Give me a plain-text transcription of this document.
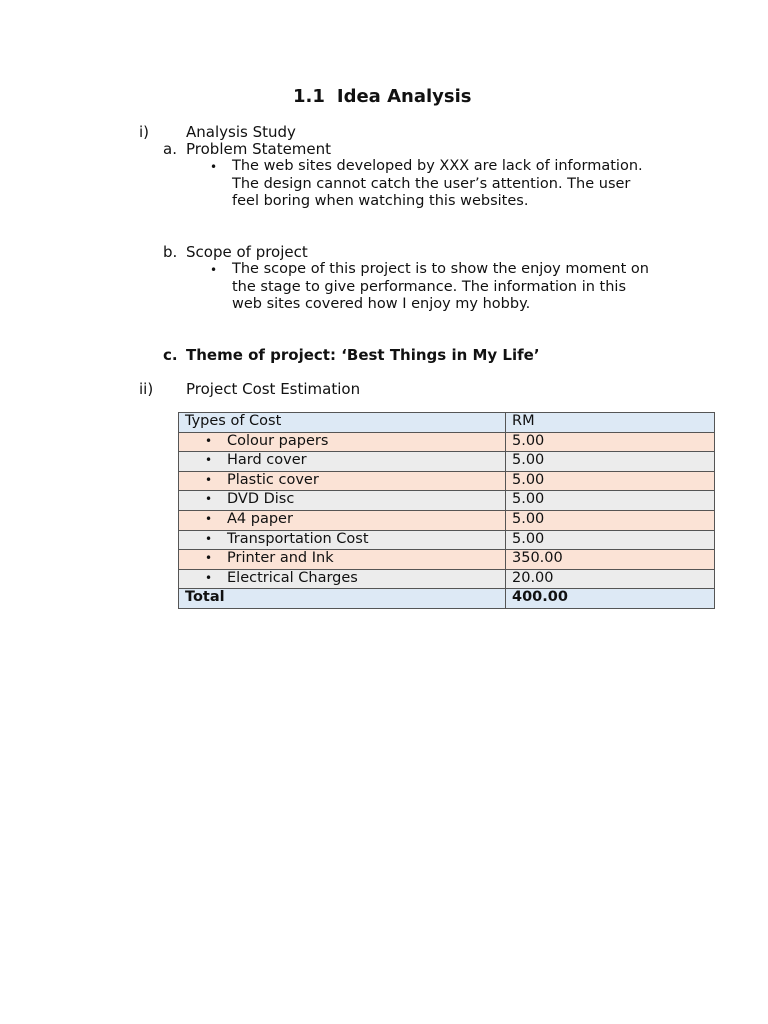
1.1 Idea Analysis
i) Analysis Study
a. Problem Statement
• The web sites developed by XXX are lack of information. The design cannot catch the user’s attention. The user feel boring when watching this websites.
b. Scope of project
• The scope of this project is to show the enjoy moment on the stage to give performance. The information in this web sites covered how I enjoy my hobby.
c. Theme of project: ‘Best Things in My Life’
ii) Project Cost Estimation
Types of Cost	RM

• Colour papers	5.00

• Hard cover	5.00

• Plastic cover	5.00

• DVD Disc	5.00

• A4 paper	5.00

• Transportation Cost	5.00

• Printer and Ink	350.00

• Electrical Charges	20.00
Total	400.00
